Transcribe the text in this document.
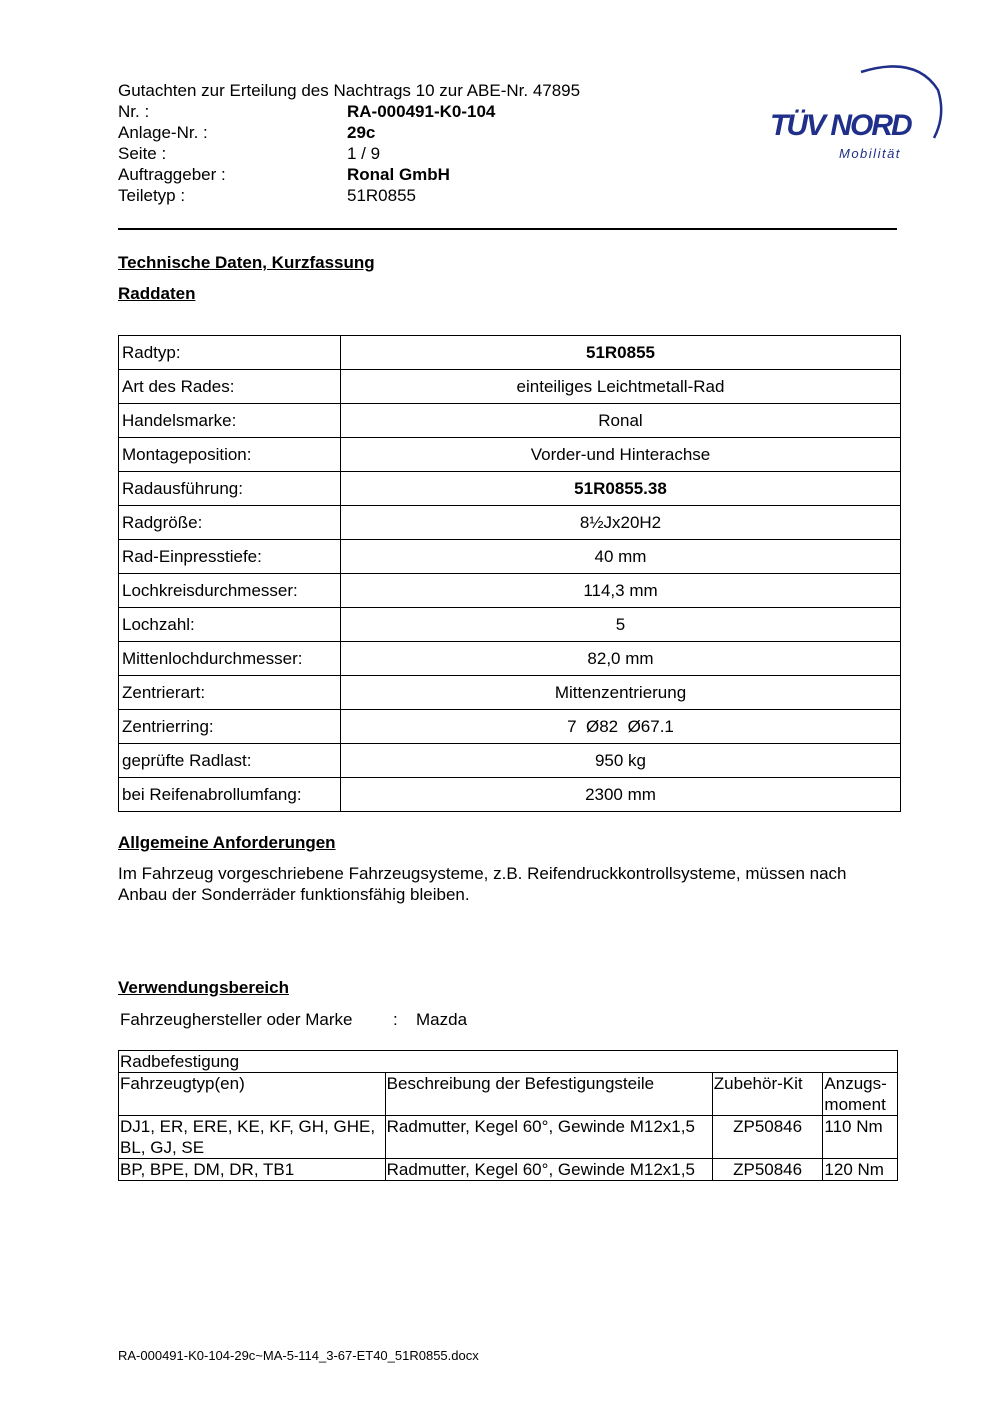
Gutachten zur Erteilung des Nachtrags 10 zur ABE-Nr. 47895
Nr. :	RA-000491-K0-104
Anlage-Nr. :	29c
Seite :	1 / 9
Auftraggeber :	Ronal GmbH
Teiletyp :	51R0855
TÜV NORD
Mobilität
Technische Daten, Kurzfassung
Raddaten
Radtyp:	51R0855
Art des Rades:	einteiliges Leichtmetall-Rad
Handelsmarke:	Ronal
Montageposition:	Vorder-und Hinterachse
Radausführung:	51R0855.38
Radgröße:	8½Jx20H2
Rad-Einpresstiefe:	40 mm
Lochkreisdurchmesser:	114,3 mm
Lochzahl:	5
Mittenlochdurchmesser:	82,0 mm
Zentrierart:	Mittenzentrierung
Zentrierring:	7  Ø82  Ø67.1
geprüfte Radlast:	950 kg
bei Reifenabrollumfang:	2300 mm
Allgemeine Anforderungen
Im Fahrzeug vorgeschriebene Fahrzeugsysteme, z.B. Reifendruckkontrollsysteme, müssen nach Anbau der Sonderräder funktionsfähig bleiben.
Verwendungsbereich
Fahrzeughersteller oder Marke : Mazda
Radbefestigung			
Fahrzeugtyp(en)	Beschreibung der Befestigungsteile	Zubehör-Kit	Anzugs-moment
DJ1, ER, ERE, KE, KF, GH, GHE, BL, GJ, SE	Radmutter, Kegel 60°, Gewinde M12x1,5	ZP50846	110 Nm
BP, BPE, DM, DR, TB1	Radmutter, Kegel 60°, Gewinde M12x1,5	ZP50846	120 Nm
RA-000491-K0-104-29c~MA-5-114_3-67-ET40_51R0855.docx
